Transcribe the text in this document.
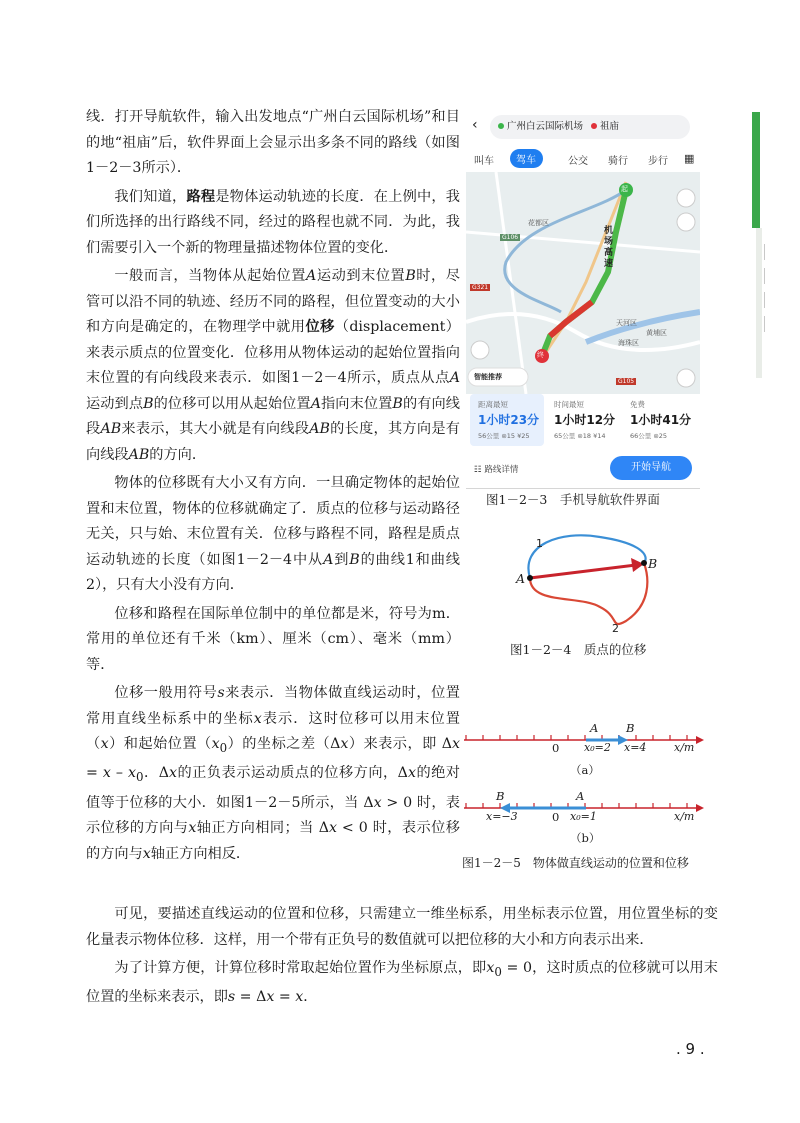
线．打开导航软件，输入出发地点“广州白云国际机场”和目的地“祖庙”后，软件界面上会显示出多条不同的路线（如图1－2－3所示）．

我们知道，路程是物体运动轨迹的长度．在上例中，我们所选择的出行路线不同，经过的路程也就不同．为此，我们需要引入一个新的物理量描述物体位置的变化．

一般而言，当物体从起始位置A运动到末位置B时，尽管可以沿不同的轨迹、经历不同的路程，但位置变动的大小和方向是确定的，在物理学中就用位移（displacement）来表示质点的位置变化．位移用从物体运动的起始位置指向末位置的有向线段来表示．如图1－2－4所示，质点从点A运动到点B的位移可以用从起始位置A指向末位置B的有向线段AB来表示，其大小就是有向线段AB的长度，其方向是有向线段AB的方向．

物体的位移既有大小又有方向．一旦确定物体的起始位置和末位置，物体的位移就确定了．质点的位移与运动路径无关，只与始、末位置有关．位移与路程不同，路程是质点运动轨迹的长度（如图1－2－4中从A到B的曲线1和曲线2），只有大小没有方向．

位移和路程在国际单位制中的单位都是米，符号为m．常用的单位还有千米（km）、厘米（cm）、毫米（mm）等．

位移一般用符号s来表示．当物体做直线运动时，位置常用直线坐标系中的坐标x表示．这时位移可以用末位置（x）和起始位置$(x_0)$的坐标之差（Δx）来表示，即 $\Delta x = x - x_0$．Δx的正负表示运动质点的位移方向，Δx的绝对值等于位移的大小．如图1－2－5所示，当 Δx > 0 时，表示位移的方向与x轴正方向相同；当 Δx < 0 时，表示位移的方向与x轴正方向相反．

可见，要描述直线运动的位置和位移，只需建立一维坐标系，用坐标表示位置，用位置坐标的变化量表示物体位移．这样，用一个带有正负号的数值就可以把位移的大小和方向表示出来．

为了计算方便，计算位移时常取起始位置作为坐标原点，即$x_0 = 0$，这时质点的位移就可以用末位置的坐标来表示，即s = Δx = x．

‹	广州白云国际机场 祖庙
叫车	驾车	公交 骑行 步行 ▦
花都区
天河区
海珠区
黄埔区
机场高速
起
终
G106
G321
G105
智能推荐
距离最短
1小时23分
56公里 ⊜15 ¥25
时间最短
1小时12分
65公里 ⊜18 ¥14
免费
1小时41分
66公里 ⊜25
☷ 路线详情	开始导航
图1－2－3　手机导航软件界面
1
2
A
B
图1－2－4　质点的位移
A B
0 x₀=2 x=4	x/m
（a）
B	A
x=−3	0 x₀=1	x/m
（b）
图1－2－5　物体做直线运动的位置和位移
. 9 .
